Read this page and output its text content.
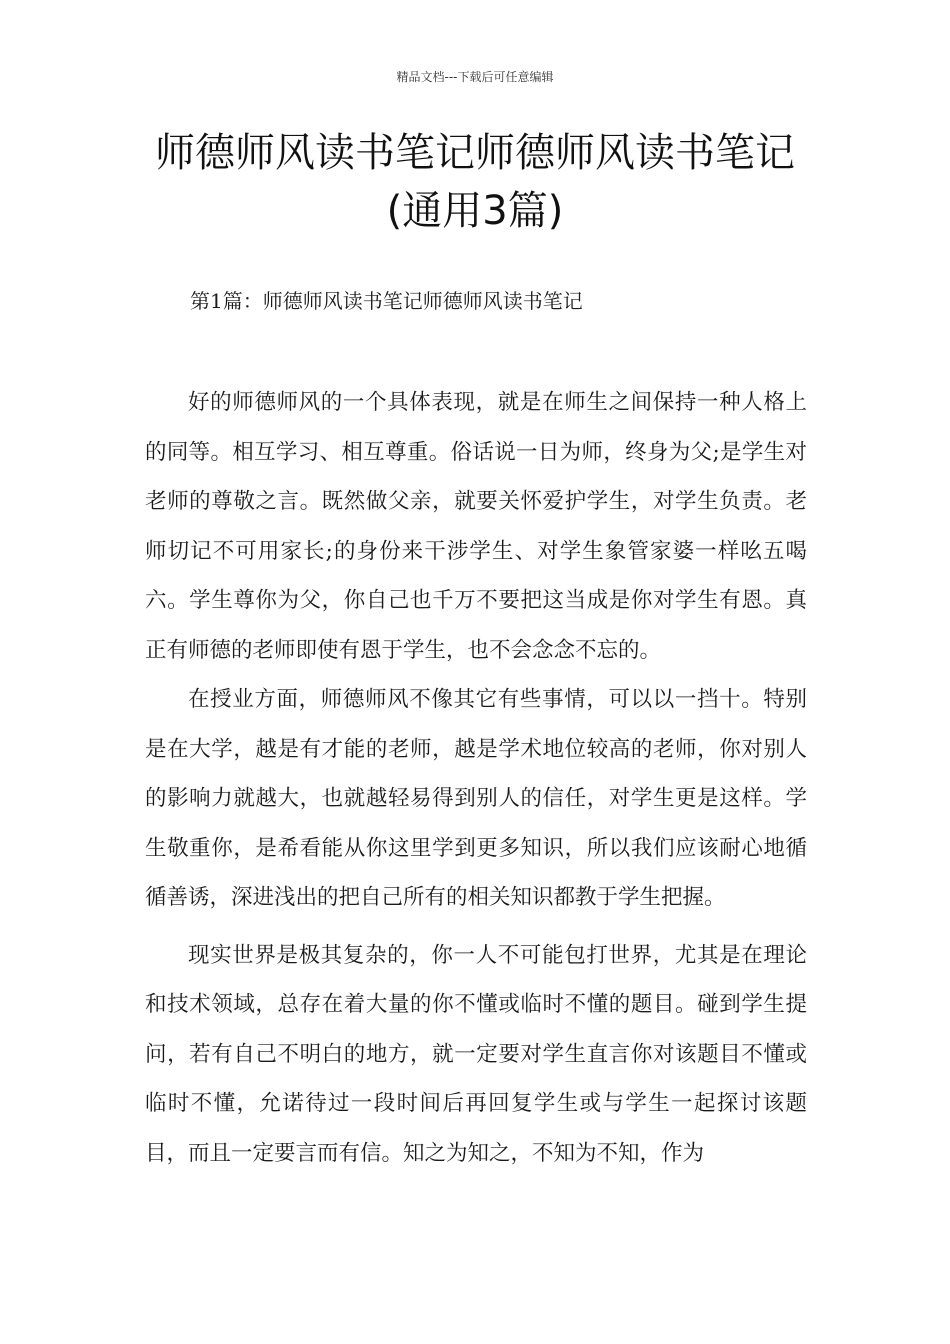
精品文档---下载后可任意编辑
师德师风读书笔记师德师风读书笔记
(通用3篇)
第1篇：师德师风读书笔记师德师风读书笔记

好的师德师风的一个具体表现，就是在师生之间保持一种人格上的同等。相互学习、相互尊重。俗话说一日为师，终身为父;是学生对老师的尊敬之言。既然做父亲，就要关怀爱护学生，对学生负责。老师切记不可用家长;的身份来干涉学生、对学生象管家婆一样吆五喝六。学生尊你为父，你自己也千万不要把这当成是你对学生有恩。真正有师德的老师即使有恩于学生，也不会念念不忘的。

在授业方面，师德师风不像其它有些事情，可以以一挡十。特别是在大学，越是有才能的老师，越是学术地位较高的老师，你对别人的影响力就越大，也就越轻易得到别人的信任，对学生更是这样。学生敬重你，是希看能从你这里学到更多知识，所以我们应该耐心地循循善诱，深进浅出的把自己所有的相关知识都教于学生把握。

现实世界是极其复杂的，你一人不可能包打世界，尤其是在理论和技术领域，总存在着大量的你不懂或临时不懂的题目。碰到学生提问，若有自己不明白的地方，就一定要对学生直言你对该题目不懂或临时不懂，允诺待过一段时间后再回复学生或与学生一起探讨该题目，而且一定要言而有信。知之为知之，不知为不知，作为
